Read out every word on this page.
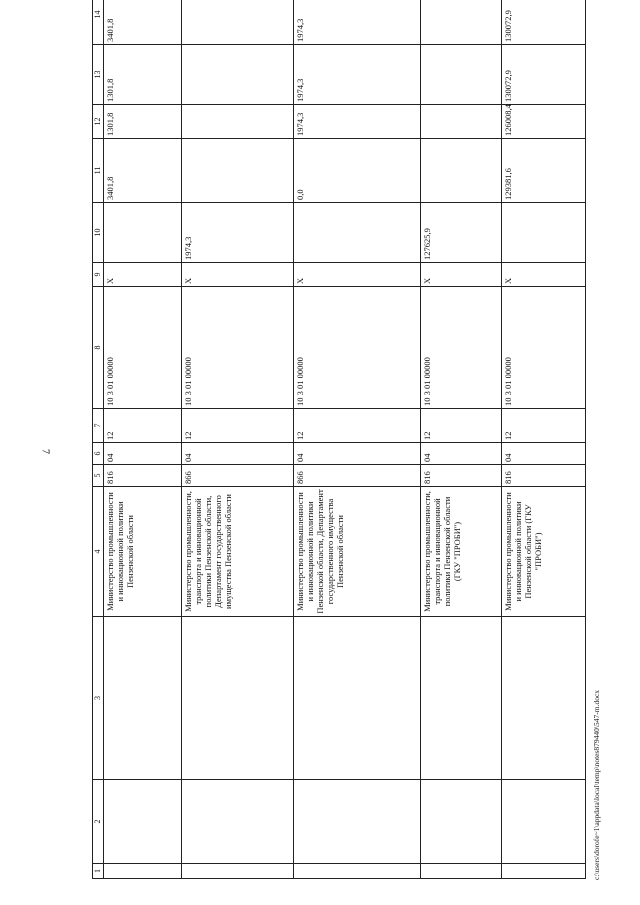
7
c:\users\dorofe~1\appdata\local\temp\notes879440\547-m.docx
1	2	3	4	5	6	7	8	9	10	11	12	13	14	
			Министерство промышленности и инновационной политики Пензенской области	816	04	12	10 3 01 00000	X		3401,8	1301,8	1301,8	3401,8	
			Министерство промышленности, транспорта и инновационной политики Пензенской области, Департамент государственного имущества Пензенской области	866	04	12	10 3 01 00000	X	1974,3					
			Министерство промышленности и инновационной политики Пензенской области, Департамент государственного имущества Пензенской области	866	04	12	10 3 01 00000	X		0,0	1974,3	1974,3	1974,3	
			Министерство промышленности, транспорта и инновационной политики Пензенской области (ГКУ "ПРОБИ")	816	04	12	10 3 01 00000	X	127625,9					
			Министерство промышленности и инновационной политики Пензенской области (ГКУ "ПРОБИ")	816	04	12	10 3 01 00000	X		129381,6	126008,4	130072,9	130072,9	
